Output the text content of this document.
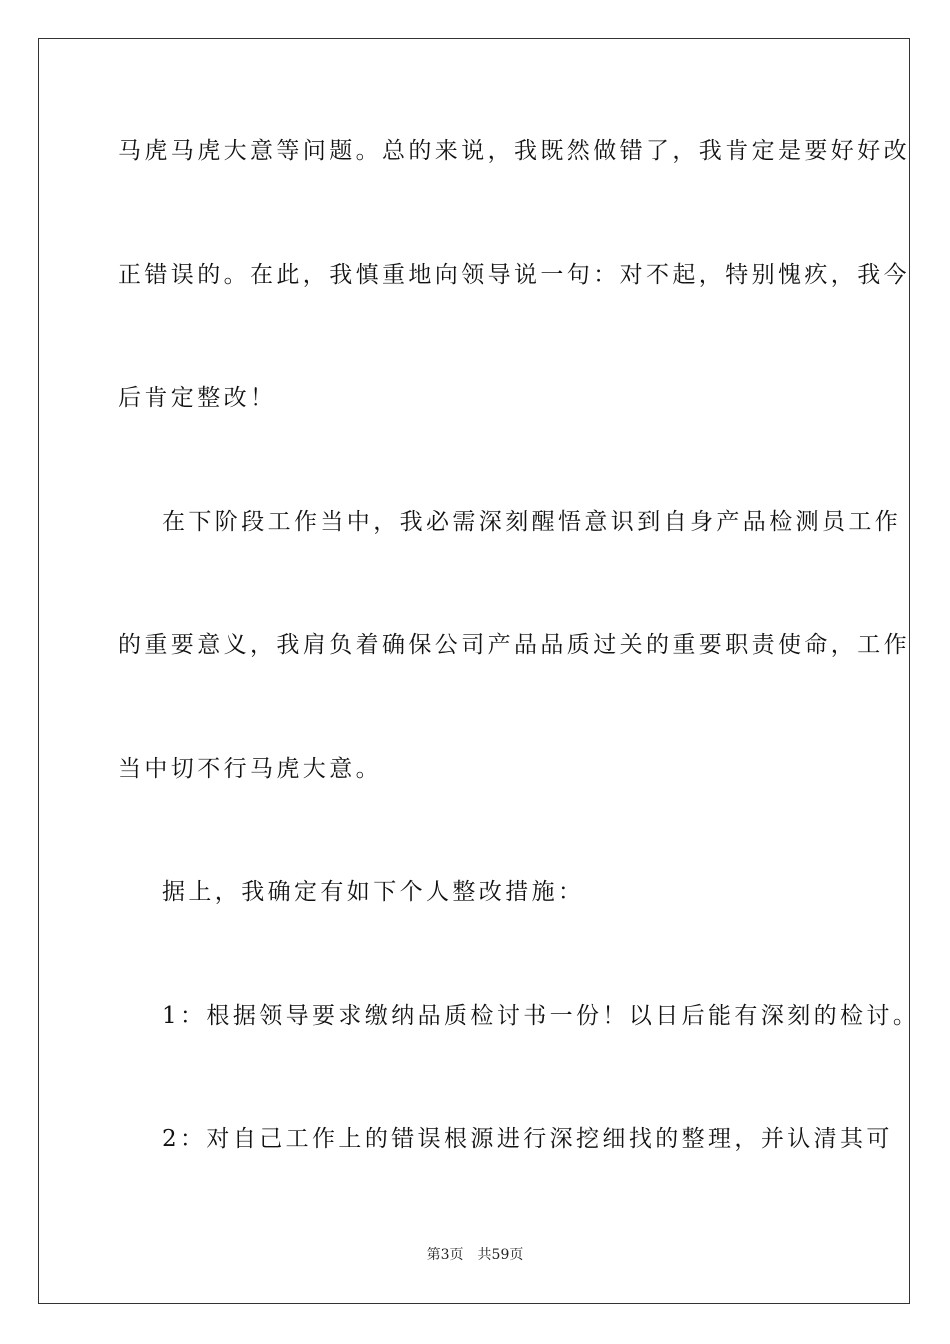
马虎马虎大意等问题。总的来说，我既然做错了，我肯定是要好好改
正错误的。在此，我慎重地向领导说一句：对不起，特别愧疚，我今
后肯定整改！
在下阶段工作当中，我必需深刻醒悟意识到自身产品检测员工作
的重要意义，我肩负着确保公司产品品质过关的重要职责使命，工作
当中切不行马虎大意。
据上，我确定有如下个人整改措施：
1：根据领导要求缴纳品质检讨书一份！以日后能有深刻的检讨。
2：对自己工作上的错误根源进行深挖细找的整理，并认清其可
第3页 共59页
